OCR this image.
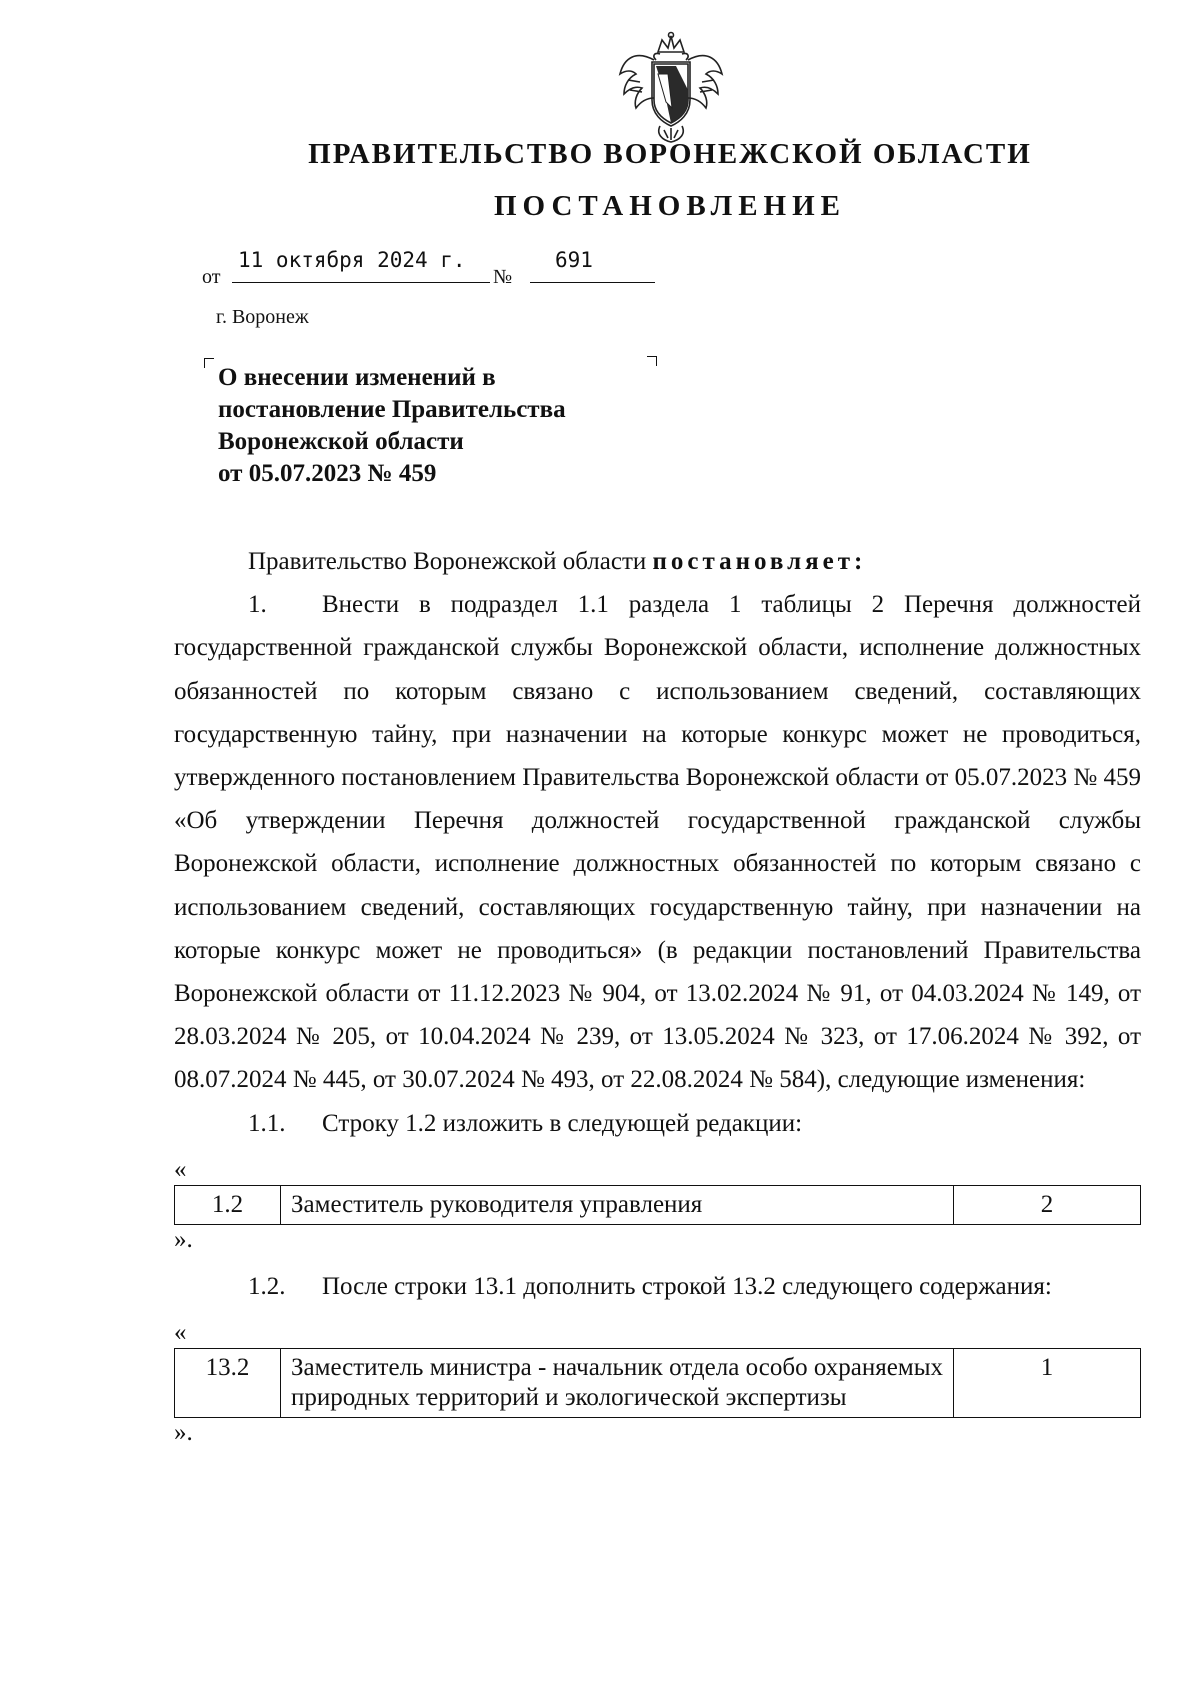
ПРАВИТЕЛЬСТВО ВОРОНЕЖСКОЙ ОБЛАСТИ
ПОСТАНОВЛЕНИЕ
от
11 октября 2024 г.
№
691
г. Воронеж
О внесении изменений в
постановление Правительства
Воронежской области
от 05.07.2023 № 459

Правительство Воронежской области постановляет:

1. Внести в подраздел 1.1 раздела 1 таблицы 2 Перечня должностей государственной гражданской службы Воронежской области, исполнение должностных обязанностей по которым связано с использованием сведений, составляющих государственную тайну, при назначении на которые конкурс может не проводиться, утвержденного постановлением Правительства Воронежской области от 05.07.2023 № 459 «Об утверждении Перечня должностей государственной гражданской службы Воронежской области, исполнение должностных обязанностей по которым связано с использованием сведений, составляющих государственную тайну, при назначении на которые конкурс может не проводиться» (в редакции постановлений Правительства Воронежской области от 11.12.2023 № 904, от 13.02.2024 № 91, от 04.03.2024 № 149, от 28.03.2024 № 205, от 10.04.2024 № 239, от 13.05.2024 № 323, от 17.06.2024 № 392, от 08.07.2024 № 445, от 30.07.2024 № 493, от 22.08.2024 № 584), следующие изменения:

1.1. Строку 1.2 изложить в следующей редакции:

«

1.2	Заместитель руководителя управления	2

».

1.2. После строки 13.1 дополнить строкой 13.2 следующего содержания:

«

13.2	Заместитель министра - начальник отдела особо охраняемых природных территорий и экологической экспертизы	1

».
